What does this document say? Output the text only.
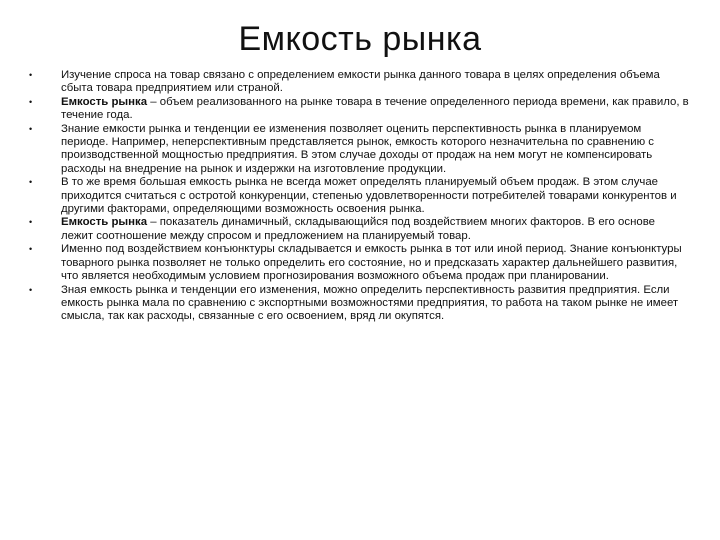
Емкость рынка
•	Изучение спроса на товар связано с определением емкости рынка данного товара в целях определения объема сбыта товара предприятием или страной.
•	Емкость рынка – объем реализованного на рынке товара в течение определенного периода времени, как правило, в течение года.
•	Знание емкости рынка и тенденции ее изменения позволяет оценить перспективность рынка в планируемом периоде. Например, неперспективным представляется рынок, емкость которого незначительна по сравнению с производственной мощностью предприятия. В этом случае доходы от продаж на нем могут не компенсировать расходы на внедрение на рынок и издержки на изготовление продукции.
•	В то же время большая емкость рынка не всегда может определять планируемый объем продаж. В этом случае приходится считаться с остротой конкуренции, степенью удовлетворенности потребителей товарами конкурентов и другими факторами, определяющими возможность освоения рынка.
•	Емкость рынка – показатель динамичный, складывающийся под воздействием многих факторов. В его основе лежит соотношение между спросом и предложением на планируемый товар.
•	Именно под воздействием конъюнктуры складывается и емкость рынка в тот или иной период. Знание конъюнктуры товарного рынка позволяет не только определить его состояние, но и предсказать характер дальнейшего развития, что является необходимым условием прогнозирования возможного объема продаж при планировании.
•	Зная емкость рынка и тенденции его изменения, можно определить перспективность развития предприятия. Если емкость рынка мала по сравнению с экспортными возможностями предприятия, то работа на таком рынке не имеет смысла, так как расходы, связанные с его освоением, вряд ли окупятся.
